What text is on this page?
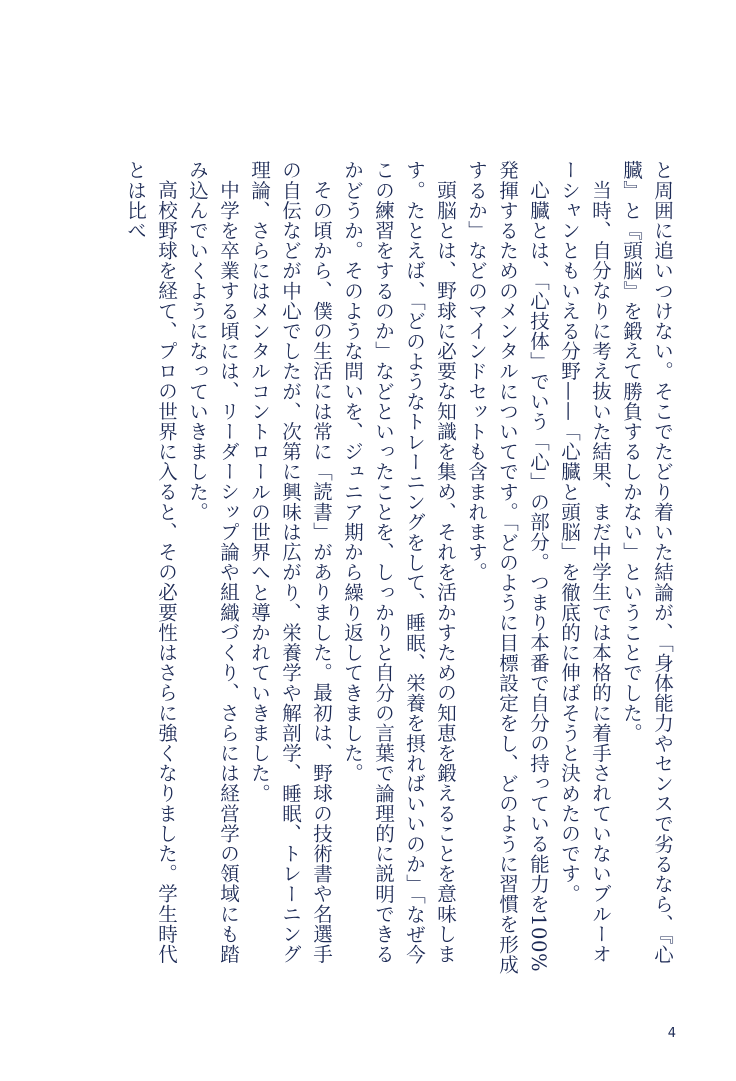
と周囲に追いつけない。そこでたどり着いた結論が、「身体能力やセンスで劣るなら、『心臓』と『頭脳』を鍛えて勝負するしかない」ということでした。

当時、自分なりに考え抜いた結果、まだ中学生では本格的に着手されていないブルーオーシャンともいえる分野——「心臓と頭脳」を徹底的に伸ばそうと決めたのです。

心臓とは、「心技体」でいう「心」の部分。つまり本番で自分の持っている能力を100%発揮するためのメンタルについてです。「どのように目標設定をし、どのように習慣を形成するか」などのマインドセットも含まれます。

頭脳とは、野球に必要な知識を集め、それを活かすための知恵を鍛えることを意味します。たとえば、「どのようなトレーニングをして、睡眠、栄養を摂ればいいのか」「なぜ今この練習をするのか」などといったことを、しっかりと自分の言葉で論理的に説明できるかどうか。そのような問いを、ジュニア期から繰り返してきました。

その頃から、僕の生活には常に「読書」がありました。最初は、野球の技術書や名選手の自伝などが中心でしたが、次第に興味は広がり、栄養学や解剖学、睡眠、トレーニング理論、さらにはメンタルコントロールの世界へと導かれていきました。

中学を卒業する頃には、リーダーシップ論や組織づくり、さらには経営学の領域にも踏み込んでいくようになっていきました。

高校野球を経て、プロの世界に入ると、その必要性はさらに強くなりました。学生時代とは比べ

4
